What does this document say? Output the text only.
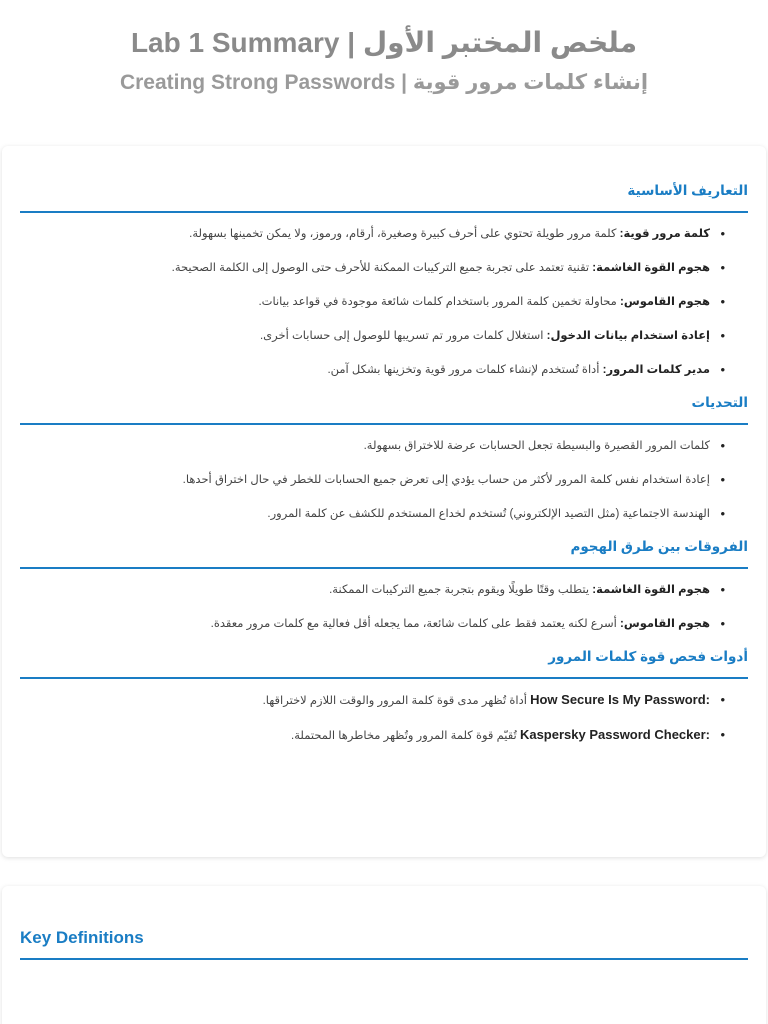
Lab 1 Summary | ملخص المختبر الأول
Creating Strong Passwords | إنشاء كلمات مرور قوية
التعاريف الأساسية
• كلمة مرور قوية: كلمة مرور طويلة تحتوي على أحرف كبيرة وصغيرة، أرقام، ورموز، ولا يمكن تخمينها بسهولة.
• هجوم القوة الغاشمة: تقنية تعتمد على تجربة جميع التركيبات الممكنة للأحرف حتى الوصول إلى الكلمة الصحيحة.
• هجوم القاموس: محاولة تخمين كلمة المرور باستخدام كلمات شائعة موجودة في قواعد بيانات.
• إعادة استخدام بيانات الدخول: استغلال كلمات مرور تم تسريبها للوصول إلى حسابات أخرى.
• مدير كلمات المرور: أداة تُستخدم لإنشاء كلمات مرور قوية وتخزينها بشكل آمن.
التحديات
• كلمات المرور القصيرة والبسيطة تجعل الحسابات عرضة للاختراق بسهولة.
• إعادة استخدام نفس كلمة المرور لأكثر من حساب يؤدي إلى تعرض جميع الحسابات للخطر في حال اختراق أحدها.
• الهندسة الاجتماعية (مثل التصيد الإلكتروني) تُستخدم لخداع المستخدم للكشف عن كلمة المرور.
الفروقات بين طرق الهجوم
• هجوم القوة الغاشمة: يتطلب وقتًا طويلًا ويقوم بتجربة جميع التركيبات الممكنة.
• هجوم القاموس: أسرع لكنه يعتمد فقط على كلمات شائعة، مما يجعله أقل فعالية مع كلمات مرور معقدة.
أدوات فحص قوة كلمات المرور
• How Secure Is My Password: أداة تُظهر مدى قوة كلمة المرور والوقت اللازم لاختراقها.
• Kaspersky Password Checker: تُقيّم قوة كلمة المرور وتُظهر مخاطرها المحتملة.
Key Definitions
